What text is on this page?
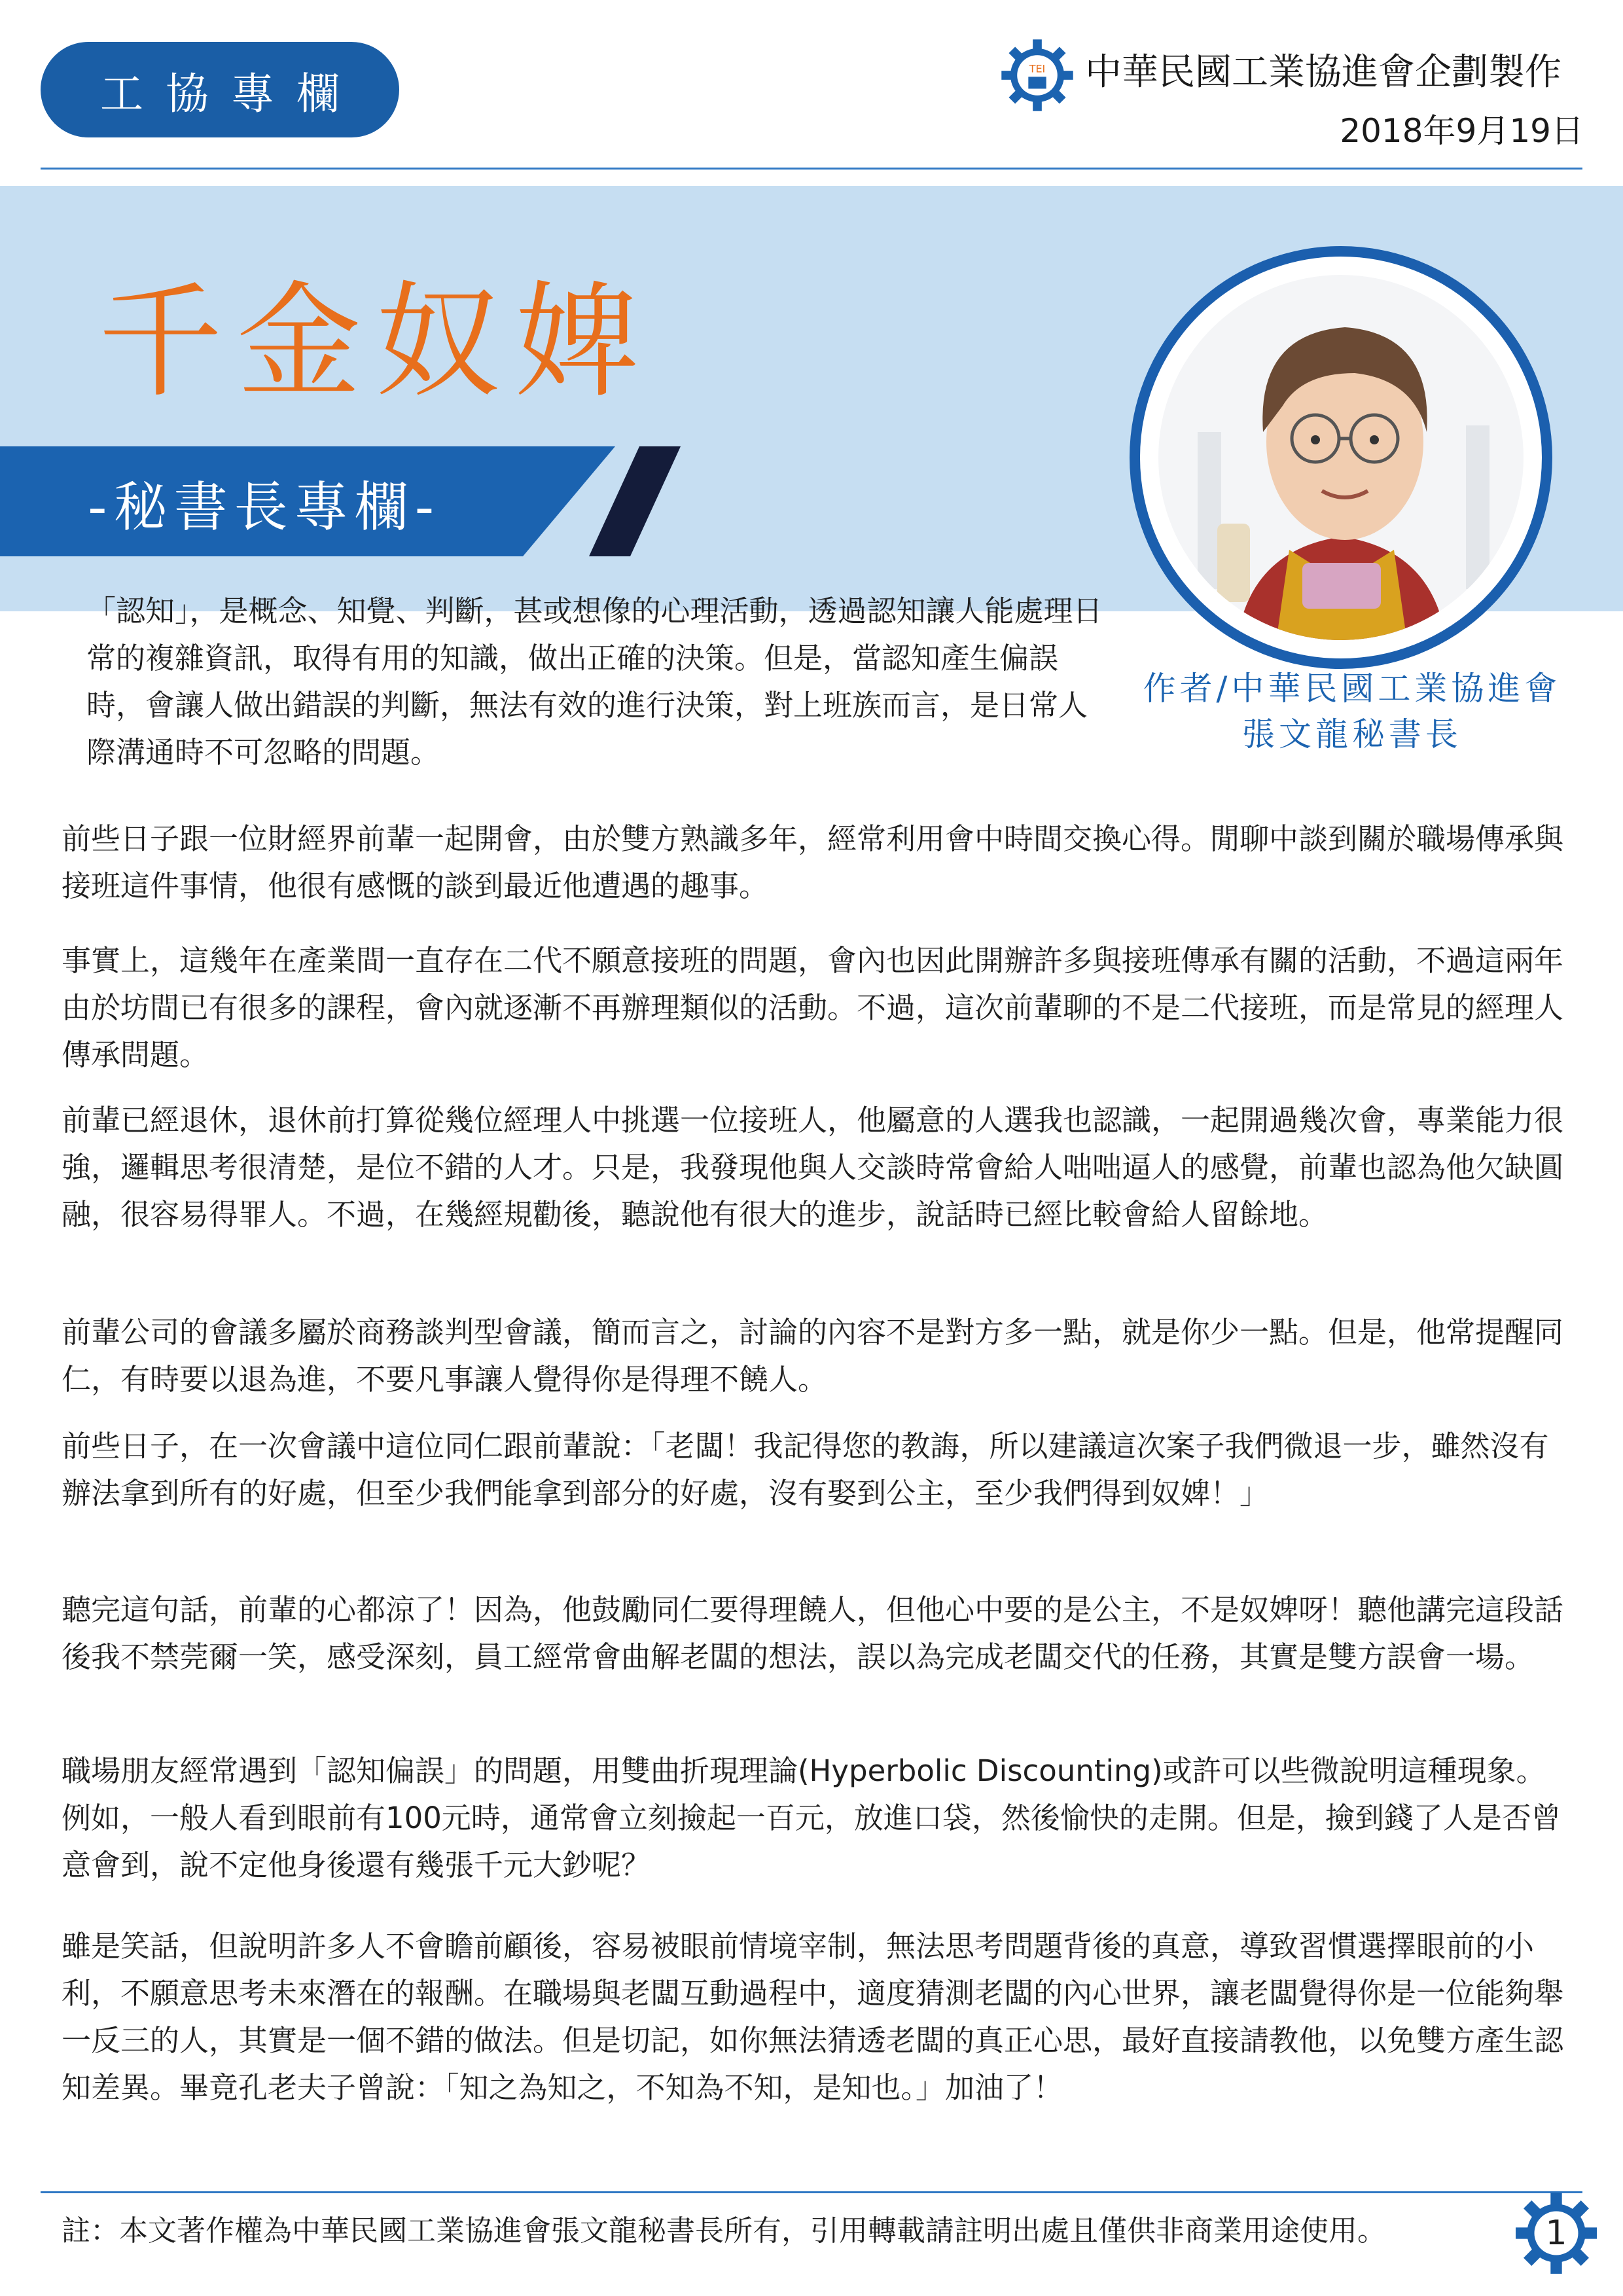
工協專欄	TEI 中華民國工業協進會企劃製作
2018年9月19日
千金奴婢
-秘書長專欄-
作者/中華民國工業協進會
張文龍秘書長

「認知」，是概念、知覺、判斷，甚或想像的心理活動，透過認知讓人能處理日常的複雜資訊，取得有用的知識，做出正確的決策。但是，當認知產生偏誤時，會讓人做出錯誤的判斷，無法有效的進行決策，對上班族而言，是日常人際溝通時不可忽略的問題。

前些日子跟一位財經界前輩一起開會，由於雙方熟識多年，經常利用會中時間交換心得。閒聊中談到關於職場傳承與接班這件事情，他很有感慨的談到最近他遭遇的趣事。

事實上，這幾年在產業間一直存在二代不願意接班的問題，會內也因此開辦許多與接班傳承有關的活動，不過這兩年由於坊間已有很多的課程，會內就逐漸不再辦理類似的活動。不過，這次前輩聊的不是二代接班，而是常見的經理人傳承問題。

前輩已經退休，退休前打算從幾位經理人中挑選一位接班人，他屬意的人選我也認識，一起開過幾次會，專業能力很強，邏輯思考很清楚，是位不錯的人才。只是，我發現他與人交談時常會給人咄咄逼人的感覺，前輩也認為他欠缺圓融，很容易得罪人。不過，在幾經規勸後，聽說他有很大的進步，說話時已經比較會給人留餘地。

前輩公司的會議多屬於商務談判型會議，簡而言之，討論的內容不是對方多一點，就是你少一點。但是，他常提醒同仁，有時要以退為進，不要凡事讓人覺得你是得理不饒人。

前些日子，在一次會議中這位同仁跟前輩說：「老闆！我記得您的教誨，所以建議這次案子我們微退一步，雖然沒有辦法拿到所有的好處，但至少我們能拿到部分的好處，沒有娶到公主，至少我們得到奴婢！」

聽完這句話，前輩的心都涼了！因為，他鼓勵同仁要得理饒人，但他心中要的是公主，不是奴婢呀！聽他講完這段話後我不禁莞爾一笑，感受深刻，員工經常會曲解老闆的想法，誤以為完成老闆交代的任務，其實是雙方誤會一場。

職場朋友經常遇到「認知偏誤」的問題，用雙曲折現理論(Hyperbolic Discounting)或許可以些微說明這種現象。例如，一般人看到眼前有100元時，通常會立刻撿起一百元，放進口袋，然後愉快的走開。但是，撿到錢了人是否曾意會到，說不定他身後還有幾張千元大鈔呢？

雖是笑話，但說明許多人不會瞻前顧後，容易被眼前情境宰制，無法思考問題背後的真意，導致習慣選擇眼前的小利，不願意思考未來潛在的報酬。在職場與老闆互動過程中，適度猜測老闆的內心世界，讓老闆覺得你是一位能夠舉一反三的人，其實是一個不錯的做法。但是切記，如你無法猜透老闆的真正心思，最好直接請教他，以免雙方產生認知差異。畢竟孔老夫子曾說：「知之為知之，不知為不知，是知也。」加油了！

註：本文著作權為中華民國工業協進會張文龍秘書長所有，引用轉載請註明出處且僅供非商業用途使用。	1
